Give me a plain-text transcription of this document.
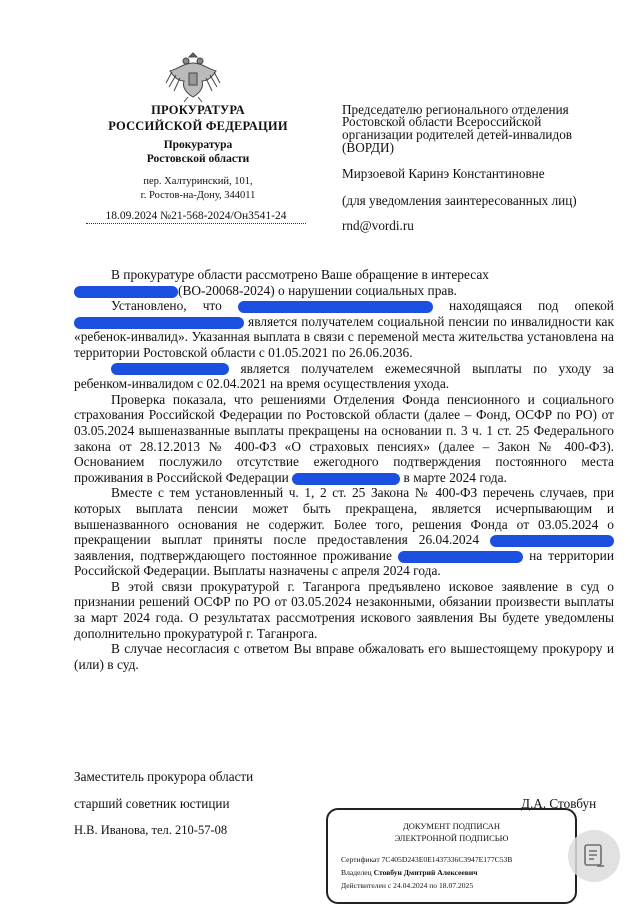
ПРОКУРАТУРА
РОССИЙСКОЙ ФЕДЕРАЦИИ
Прокуратура
Ростовской области
пер. Халтуринский, 101,
г. Ростов-на-Дону, 344011
18.09.2024 №21-568-2024/Он3541-24
Председателю регионального отделения
Ростовской области Всероссийской
организации родителей детей-инвалидов
(ВОРДИ)
Мирзоевой Каринэ Константиновне
(для уведомления заинтересованных лиц)
rnd@vordi.ru

В прокуратуре области рассмотрено Ваше обращение в интересах
(ВО-20068-2024) о нарушении социальных прав.

Установлено, что	находящаяся под опекой  является получателем социальной пенсии по инвалидности как «ребенок-инвалид». Указанная выплата в связи с переменой места жительства установлена на территории Ростовской области с 01.05.2021 по 26.06.2036.

является получателем ежемесячной выплаты по уходу за ребенком-инвалидом с 02.04.2021 на время осуществления ухода.

Проверка показала, что решениями Отделения Фонда пенсионного и социального страхования Российской Федерации по Ростовской области (далее – Фонд, ОСФР по РО) от 03.05.2024 вышеназванные выплаты прекращены на основании п. 3 ч. 1 ст. 25 Федерального закона от 28.12.2013 № 400-ФЗ «О страховых пенсиях» (далее – Закон № 400-ФЗ). Основанием послужило отсутствие ежегодного подтверждения постоянного места проживания в Российской Федерации	в марте 2024 года.

Вместе с тем установленный ч. 1, 2 ст. 25 Закона № 400-ФЗ перечень случаев, при которых выплата пенсии может быть прекращена, является исчерпывающим и вышеназванного основания не содержит. Более того, решения Фонда от 03.05.2024 о прекращении выплат приняты после предоставления 26.04.2024  заявления, подтверждающего постоянное проживание	на территории Российской Федерации. Выплаты назначены с апреля 2024 года.

В этой связи прокуратурой г. Таганрога предъявлено исковое заявление в суд о признании решений ОСФР по РО от 03.05.2024 незаконными, обязании произвести выплаты за март 2024 года. О результатах рассмотрения искового заявления Вы будете уведомлены дополнительно прокуратурой г. Таганрога.

В случае несогласия с ответом Вы вправе обжаловать его вышестоящему прокурору и (или) в суд.

Заместитель прокурора области
старший советник юстиции	Д.А. Стовбун
Н.В. Иванова, тел. 210-57-08	ДОКУМЕНТ ПОДПИСАН
ЭЛЕКТРОННОЙ ПОДПИСЬЮ
Сертификат 7C405D243E0E1437336C3947E177C53B
Владелец Стовбун Дмитрий Алексеевич
Действителен с 24.04.2024 по 18.07.2025
